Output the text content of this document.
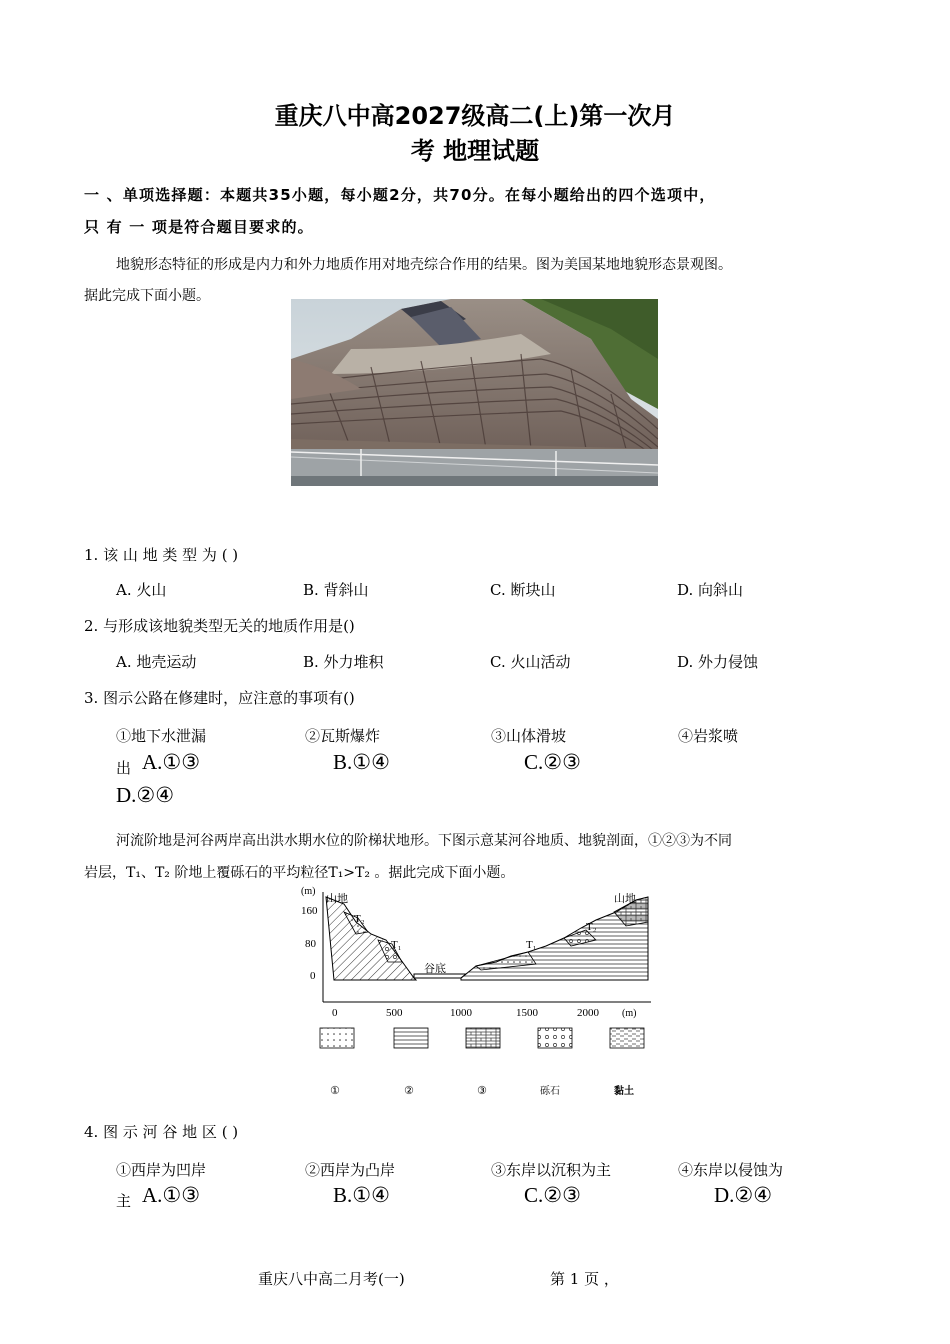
重庆八中高2027级高二(上)第一次月
考 地理试题
一 、单项选择题：本题共35小题，每小题2分，共70分。在每小题给出的四个选项中，
只 有 一 项是符合题目要求的。
地貌形态特征的形成是内力和外力地质作用对地壳综合作用的结果。图为美国某地地貌形态景观图。
据此完成下面小题。
1. 该 山 地 类 型 为 ( )
A. 火山	B. 背斜山	C. 断块山	D. 向斜山
2. 与形成该地貌类型无关的地质作用是()
A. 地壳运动	B. 外力堆积	C. 火山活动	D. 外力侵蚀
3. 图示公路在修建时，应注意的事项有()
①地下水泄漏	②瓦斯爆炸	③山体滑坡	④岩浆喷
出 A.①③	B.①④	C.②③
D.②④
河流阶地是河谷两岸高出洪水期水位的阶梯状地形。下图示意某河谷地质、地貌剖面，①②③为不同
岩层，T₁、T₂ 阶地上覆砾石的平均粒径T₁>T₂ 。据此完成下面小题。
(m)
160
80
0
0	500	1000	1500	2000 (m)
山地	山地
T₂
T₁
谷底
T₁
T₂
①	②	③	砾石	黏土
4. 图 示 河 谷 地 区 ( )
①西岸为凹岸	②西岸为凸岸	③东岸以沉积为主	④东岸以侵蚀为
主 A.①③	B.①④	C.②③	D.②④
重庆八中高二月考(一)	第 1 页 ，
